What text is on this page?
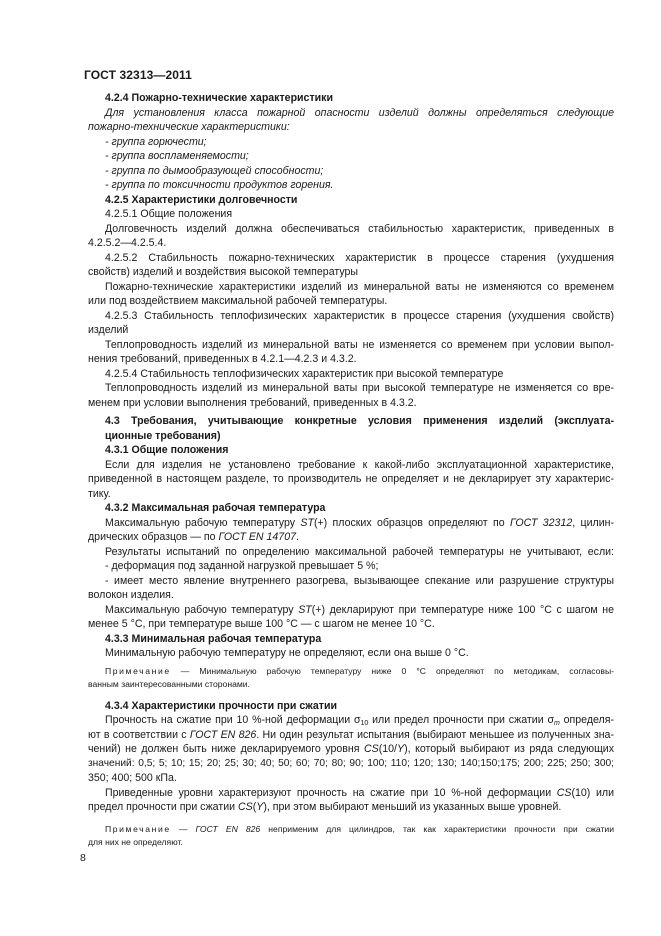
ГОСТ 32313—2011
4.2.4 Пожарно-технические характеристики
Для установления класса пожарной опасности изделий должны определяться следующие
пожарно-технические характеристики:
- группа горючести;
- группа воспламеняемости;
- группа по дымообразующей способности;
- группа по токсичности продуктов горения.
4.2.5 Характеристики долговечности
4.2.5.1 Общие положения
Долговечность изделий должна обеспечиваться стабильностью характеристик, приведенных в
4.2.5.2—4.2.5.4.
4.2.5.2 Стабильность пожарно-технических характеристик в процессе старения (ухудшения
свойств) изделий и воздействия высокой температуры
Пожарно-технические характеристики изделий из минеральной ваты не изменяются со временем
или под воздействием максимальной рабочей температуры.
4.2.5.3 Стабильность теплофизических характеристик в процессе старения (ухудшения свойств)
изделий
Теплопроводность изделий из минеральной ваты не изменяется со временем при условии выпол-
нения требований, приведенных в 4.2.1—4.2.3 и 4.3.2.
4.2.5.4 Стабильность теплофизических характеристик при высокой температуре
Теплопроводность изделий из минеральной ваты при высокой температуре не изменяется со вре-
менем при условии выполнения требований, приведенных в 4.3.2.
4.3 Требования, учитывающие конкретные условия применения изделий (эксплуата-
ционные требования)
4.3.1 Общие положения
Если для изделия не установлено требование к какой-либо эксплуатационной характеристике,
приведенной в настоящем разделе, то производитель не определяет и не декларирует эту характерис-
тику.
4.3.2 Максимальная рабочая температура
Максимальную рабочую температуру ST(+) плоских образцов определяют по ГОСТ 32312, цилин-
дрических образцов — по ГОСТ EN 14707.
Результаты испытаний по определению максимальной рабочей температуры не учитывают, если:
- деформация под заданной нагрузкой превышает 5 %;
- имеет место явление внутреннего разогрева, вызывающее спекание или разрушение структуры
волокон изделия.
Максимальную рабочую температуру ST(+) декларируют при температуре ниже 100 °С с шагом не
менее 5 °С, при температуре выше 100 °С — с шагом не менее 10 °С.
4.3.3 Минимальная рабочая температура
Минимальную рабочую температуру не определяют, если она выше 0 °С.
Примечание — Минимальную рабочую температуру ниже 0 °С определяют по методикам, согласовы-
ванным заинтересованными сторонами.
4.3.4 Характеристики прочности при сжатии
Прочность на сжатие при 10 %-ной деформации $\sigma_{10}$ или предел прочности при сжатии $\sigma_m$ определя-
ют в соответствии с ГОСТ EN 826. Ни один результат испытания (выбирают меньшее из полученных зна-
чений) не должен быть ниже декларируемого уровня CS(10/Y), который выбирают из ряда следующих
значений: 0,5; 5; 10; 15; 20; 25; 30; 40; 50; 60; 70; 80; 90; 100; 110; 120; 130; 140;150;175; 200; 225; 250; 300;
350; 400; 500 кПа.
Приведенные уровни характеризуют прочность на сжатие при 10 %-ной деформации CS(10) или
предел прочности при сжатии CS(Y), при этом выбирают меньший из указанных выше уровней.
Примечание — ГОСТ EN 826 неприменим для цилиндров, так как характеристики прочности при сжатии
для них не определяют.
8
